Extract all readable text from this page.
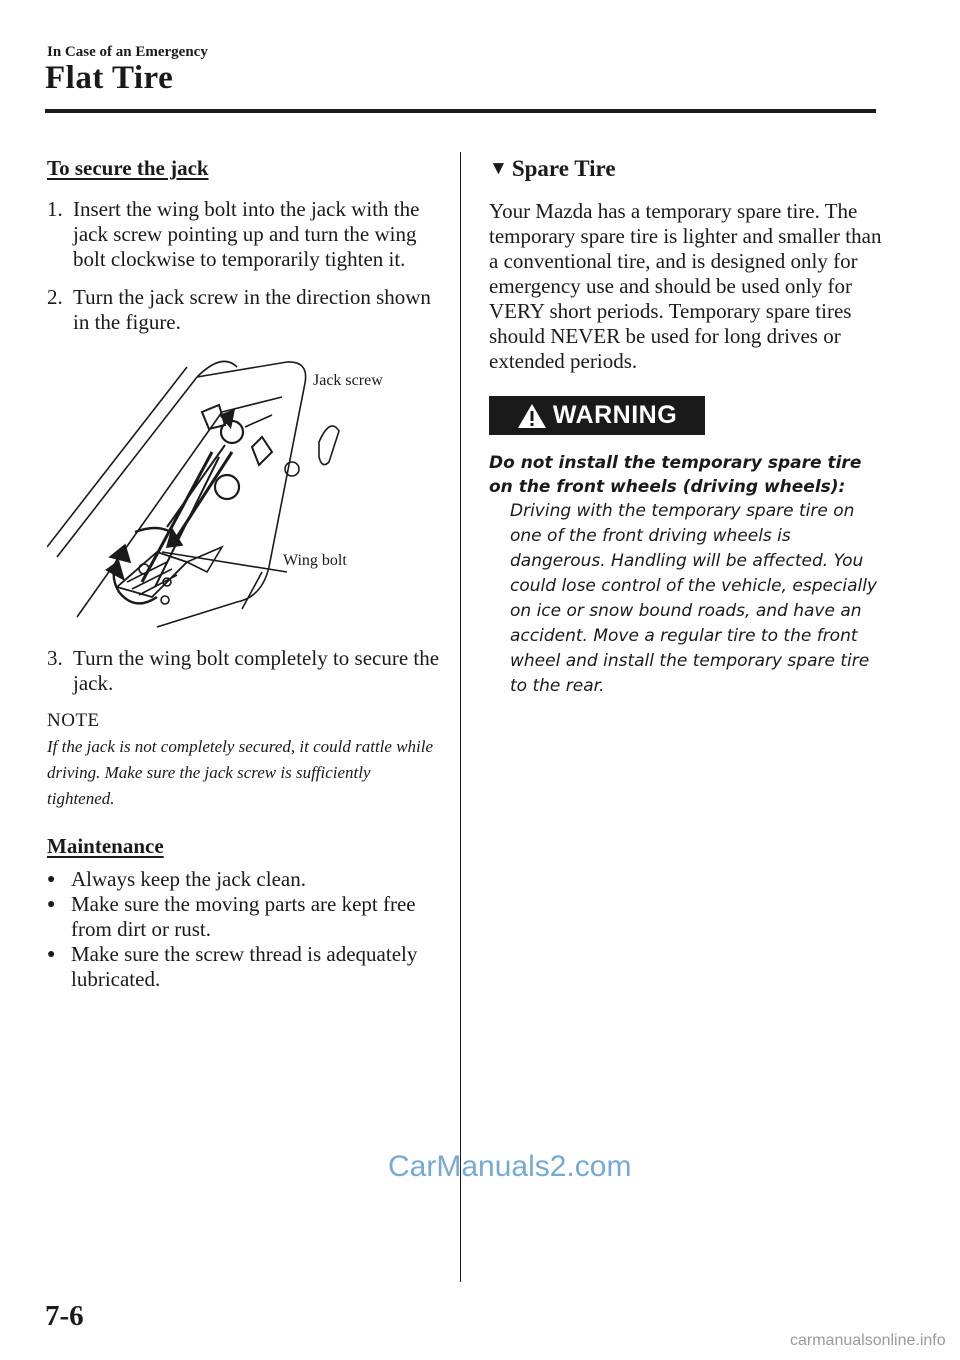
In Case of an Emergency
Flat Tire
To secure the jack
1. Insert the wing bolt into the jack with the jack screw pointing up and turn the wing bolt clockwise to temporarily tighten it.
2. Turn the jack screw in the direction shown in the figure.
Jack screw
Wing bolt
3. Turn the wing bolt completely to secure the jack.
NOTE
If the jack is not completely secured, it could rattle while driving. Make sure the jack screw is sufficiently tightened.
Maintenance
● Always keep the jack clean.
● Make sure the moving parts are kept free from dirt or rust.
● Make sure the screw thread is adequately lubricated.
▼ Spare Tire
Your Mazda has a temporary spare tire. The temporary spare tire is lighter and smaller than a conventional tire, and is designed only for emergency use and should be used only for VERY short periods. Temporary spare tires should NEVER be used for long drives or extended periods.
WARNING
Do not install the temporary spare tire on the front wheels (driving wheels):
Driving with the temporary spare tire on one of the front driving wheels is dangerous. Handling will be affected. You could lose control of the vehicle, especially on ice or snow bound roads, and have an accident. Move a regular tire to the front wheel and install the temporary spare tire to the rear.
7-6
CarManuals2.com
carmanualsonline.info
